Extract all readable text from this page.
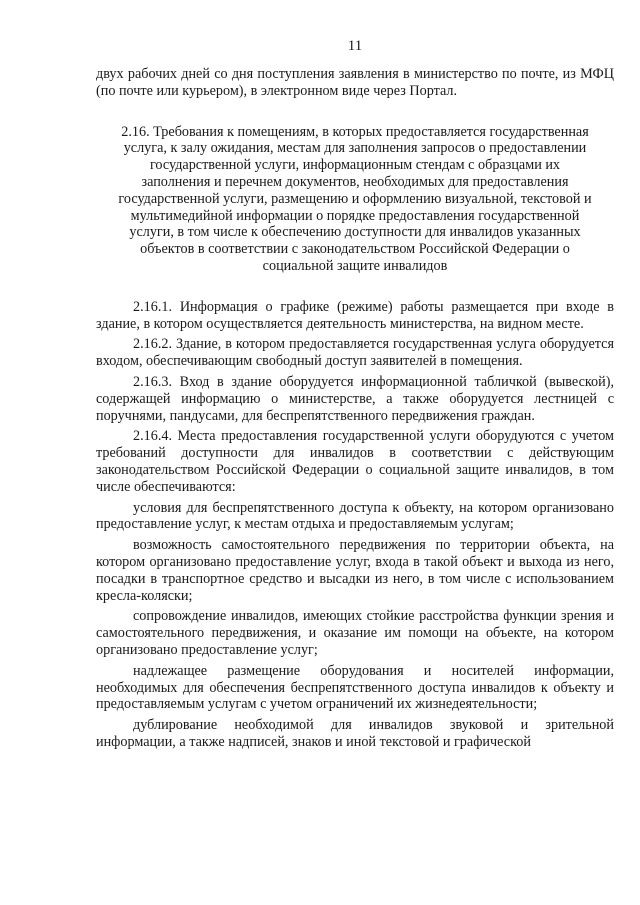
11

двух рабочих дней со дня поступления заявления в министерство по почте, из МФЦ (по почте или курьером), в электронном виде через Портал.

2.16. Требования к помещениям, в которых предоставляется государственная услуга, к залу ожидания, местам для заполнения запросов о предоставлении государственной услуги, информационным стендам с образцами их заполнения и перечнем документов, необходимых для предоставления государственной услуги, размещению и оформлению визуальной, текстовой и мультимедийной информации о порядке предоставления государственной услуги, в том числе к обеспечению доступности для инвалидов указанных объектов в соответствии с законодательством Российской Федерации о социальной защите инвалидов

2.16.1. Информация о графике (режиме) работы размещается при входе в здание, в котором осуществляется деятельность министерства, на видном месте.

2.16.2. Здание, в котором предоставляется государственная услуга оборудуется входом, обеспечивающим свободный доступ заявителей в помещения.

2.16.3. Вход в здание оборудуется информационной табличкой (вывеской), содержащей информацию о министерстве, а также оборудуется лестницей с поручнями, пандусами, для беспрепятственного передвижения граждан.

2.16.4. Места предоставления государственной услуги оборудуются с учетом требований доступности для инвалидов в соответствии с действующим законодательством Российской Федерации о социальной защите инвалидов, в том числе обеспечиваются:

условия для беспрепятственного доступа к объекту, на котором организовано предоставление услуг, к местам отдыха и предоставляемым услугам;

возможность самостоятельного передвижения по территории объекта, на котором организовано предоставление услуг, входа в такой объект и выхода из него, посадки в транспортное средство и высадки из него, в том числе с использованием кресла-коляски;

сопровождение инвалидов, имеющих стойкие расстройства функции зрения и самостоятельного передвижения, и оказание им помощи на объекте, на котором организовано предоставление услуг;

надлежащее размещение оборудования и носителей информации, необходимых для обеспечения беспрепятственного доступа инвалидов к объекту и предоставляемым услугам с учетом ограничений их жизнедеятельности;

дублирование необходимой для инвалидов звуковой и зрительной информации, а также надписей, знаков и иной текстовой и графической
